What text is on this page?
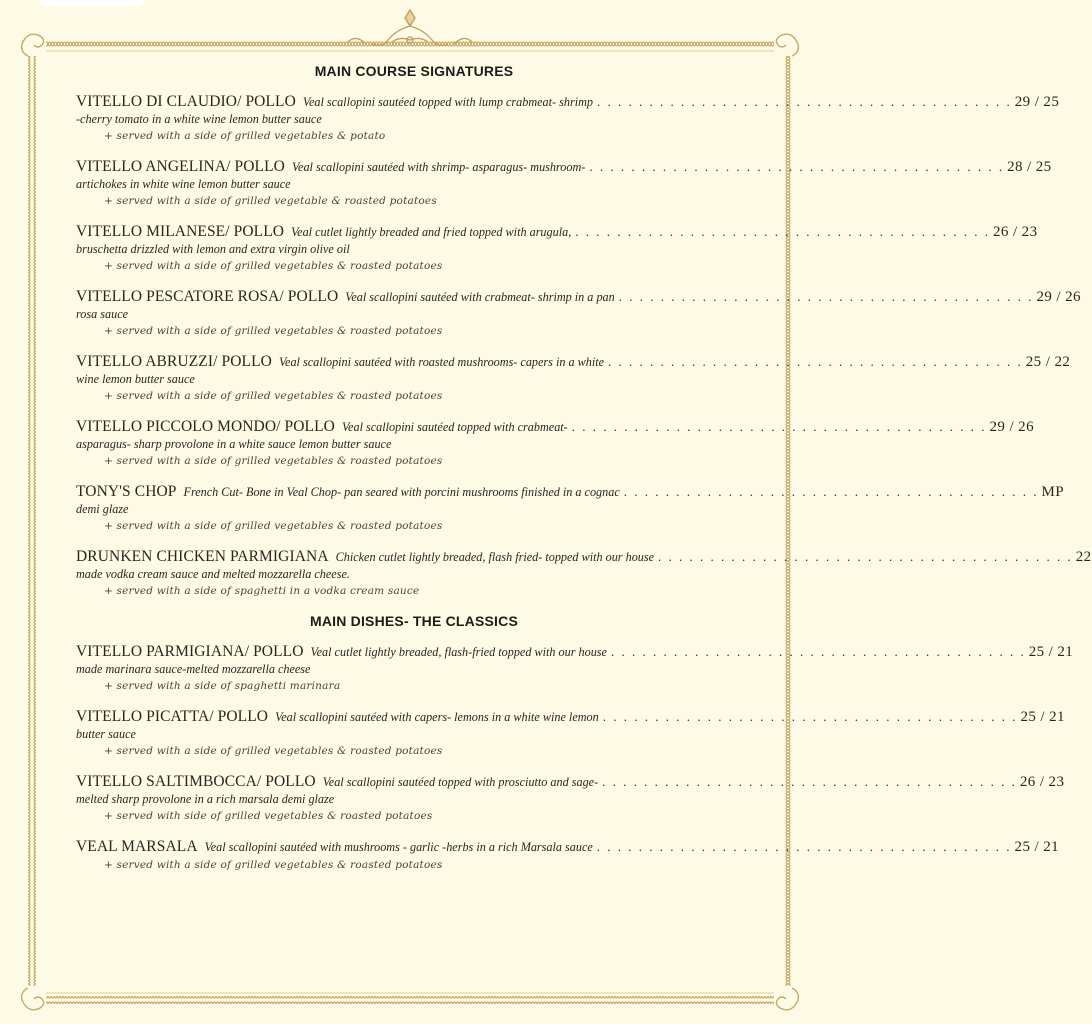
MAIN COURSE SIGNATURES
VITELLO DI CLAUDIO/ POLLO Veal scallopini sautéed topped with lump crabmeat- shrimp . . . . . . . . . . . . . . . . . . . . . . . . . . . . . . . . . . . . . . . . 29 / 25
-cherry tomato in a white wine lemon butter sauce
+ served with a side of grilled vegetables & potato
VITELLO ANGELINA/ POLLO Veal scallopini sautéed with shrimp- asparagus- mushroom- . . . . . . . . . . . . . . . . . . . . . . . . . . . . . . . . . . . . . . . . 28 / 25
artichokes in white wine lemon butter sauce
+ served with a side of grilled vegetable & roasted potatoes
VITELLO MILANESE/ POLLO Veal cutlet lightly breaded and fried topped with arugula, . . . . . . . . . . . . . . . . . . . . . . . . . . . . . . . . . . . . . . . . 26 / 23
bruschetta drizzled with lemon and extra virgin olive oil
+ served with a side of grilled vegetables & roasted potatoes
VITELLO PESCATORE ROSA/ POLLO Veal scallopini sautéed with crabmeat- shrimp in a pan . . . . . . . . . . . . . . . . . . . . . . . . . . . . . . . . . . . . . . . . 29 / 26
rosa sauce
+ served with a side of grilled vegetables & roasted potatoes
VITELLO ABRUZZI/ POLLO Veal scallopini sautéed with roasted mushrooms- capers in a white . . . . . . . . . . . . . . . . . . . . . . . . . . . . . . . . . . . . . . . . 25 / 22
wine lemon butter sauce
+ served with a side of grilled vegetables & roasted potatoes
VITELLO PICCOLO MONDO/ POLLO Veal scallopini sautéed topped with crabmeat- . . . . . . . . . . . . . . . . . . . . . . . . . . . . . . . . . . . . . . . . 29 / 26
asparagus- sharp provolone in a white sauce lemon butter sauce
+ served with a side of grilled vegetables & roasted potatoes
TONY'S CHOP French Cut- Bone in Veal Chop- pan seared with porcini mushrooms finished in a cognac . . . . . . . . . . . . . . . . . . . . . . . . . . . . . . . . . . . . . . . . MP
demi glaze
+ served with a side of grilled vegetables & roasted potatoes
DRUNKEN CHICKEN PARMIGIANA Chicken cutlet lightly breaded, flash fried- topped with our house . . . . . . . . . . . . . . . . . . . . . . . . . . . . . . . . . . . . . . . . 22
made vodka cream sauce and melted mozzarella cheese.
+ served with a side of spaghetti in a vodka cream sauce
MAIN DISHES- THE CLASSICS
VITELLO PARMIGIANA/ POLLO Veal cutlet lightly breaded, flash-fried topped with our house . . . . . . . . . . . . . . . . . . . . . . . . . . . . . . . . . . . . . . . . 25 / 21
made marinara sauce-melted mozzarella cheese
+ served with a side of spaghetti marinara
VITELLO PICATTA/ POLLO Veal scallopini sautéed with capers- lemons in a white wine lemon . . . . . . . . . . . . . . . . . . . . . . . . . . . . . . . . . . . . . . . . 25 / 21
butter sauce
+ served with a side of grilled vegetables & roasted potatoes
VITELLO SALTIMBOCCA/ POLLO Veal scallopini sautéed topped with prosciutto and sage- . . . . . . . . . . . . . . . . . . . . . . . . . . . . . . . . . . . . . . . . 26 / 23
melted sharp provolone in a rich marsala demi glaze
+ served with side of grilled vegetables & roasted potatoes
VEAL MARSALA Veal scallopini sautéed with mushrooms - garlic -herbs in a rich Marsala sauce . . . . . . . . . . . . . . . . . . . . . . . . . . . . . . . . . . . . . . . . 25 / 21
+ served with a side of grilled vegetables & roasted potatoes
